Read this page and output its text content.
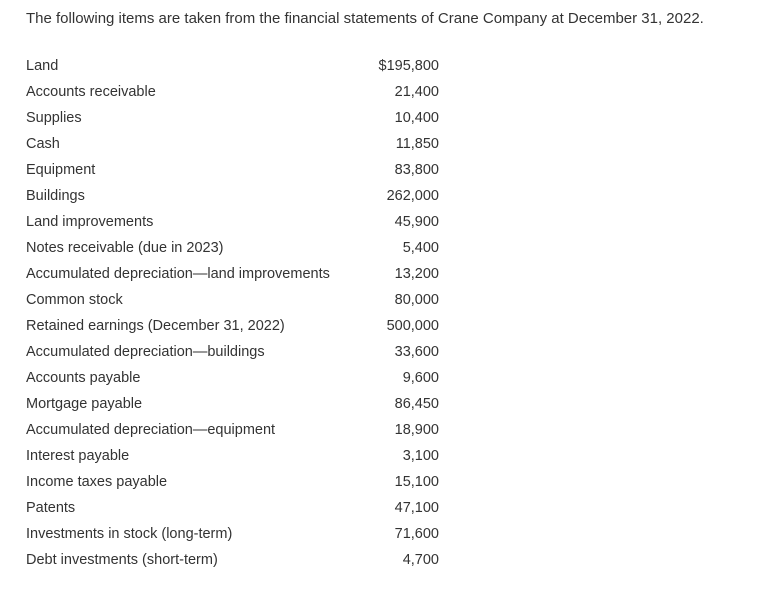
The following items are taken from the financial statements of Crane Company at December 31, 2022.
Land	$195,800
Accounts receivable	21,400
Supplies	10,400
Cash	11,850
Equipment	83,800
Buildings	262,000
Land improvements	45,900
Notes receivable (due in 2023)	5,400
Accumulated depreciation—land improvements	13,200
Common stock	80,000
Retained earnings (December 31, 2022)	500,000
Accumulated depreciation—buildings	33,600
Accounts payable	9,600
Mortgage payable	86,450
Accumulated depreciation—equipment	18,900
Interest payable	3,100
Income taxes payable	15,100
Patents	47,100
Investments in stock (long-term)	71,600
Debt investments (short-term)	4,700
